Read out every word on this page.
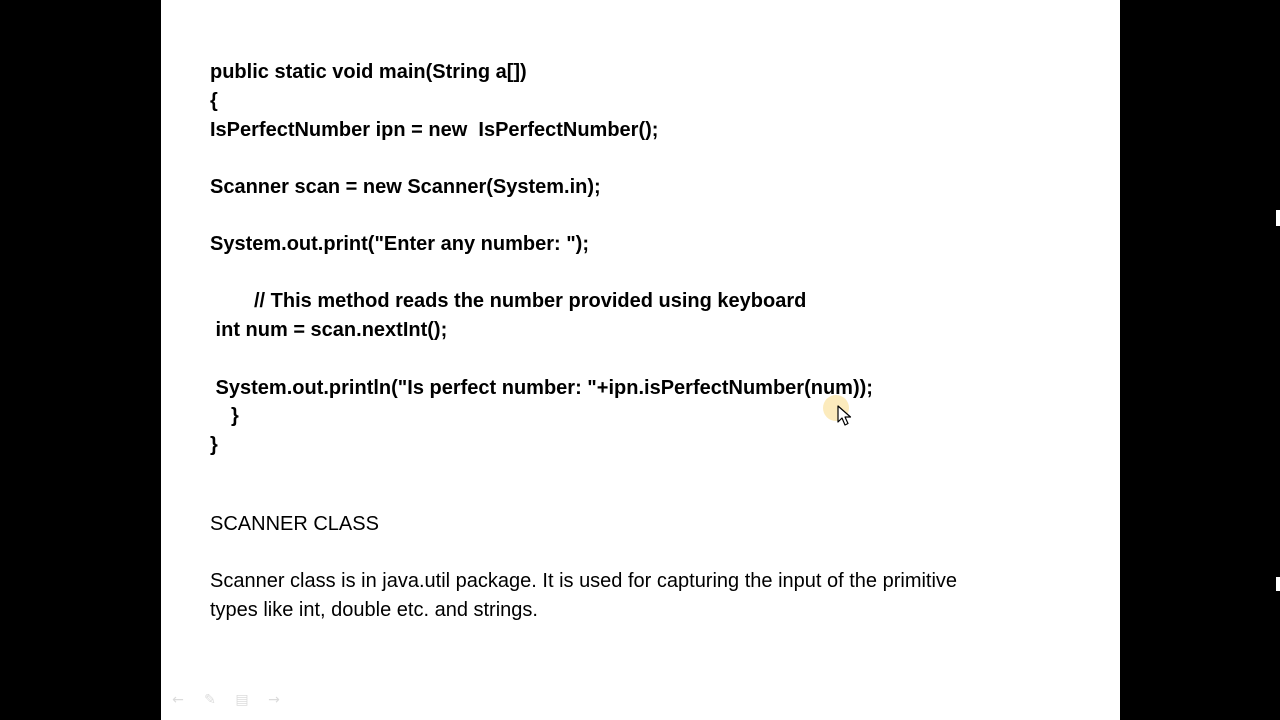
public static void main(String a[])
{
IsPerfectNumber ipn = new  IsPerfectNumber();
Scanner scan = new Scanner(System.in);
System.out.print("Enter any number: ");
// This method reads the number provided using keyboard
int num = scan.nextInt();
System.out.println("Is perfect number: "+ipn.isPerfectNumber(num));
}
}
SCANNER CLASS
Scanner class is in java.util package. It is used for capturing the input of the primitive
types like int, double etc. and strings.
← ✎ ▤ →
